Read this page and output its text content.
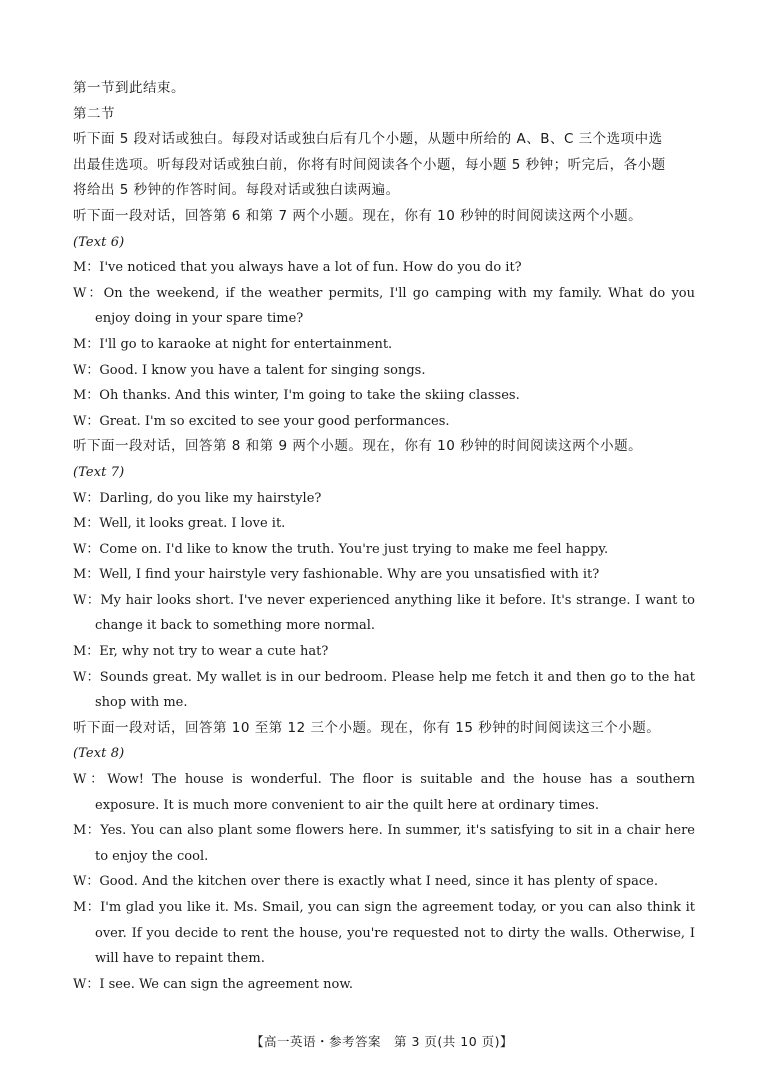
第一节到此结束。
第二节
听下面 5 段对话或独白。每段对话或独白后有几个小题，从题中所给的 A、B、C 三个选项中选
出最佳选项。听每段对话或独白前，你将有时间阅读各个小题，每小题 5 秒钟；听完后，各小题
将给出 5 秒钟的作答时间。每段对话或独白读两遍。
听下面一段对话，回答第 6 和第 7 两个小题。现在，你有 10 秒钟的时间阅读这两个小题。
(Text 6)
M：I've noticed that you always have a lot of fun. How do you do it?
W：On the weekend, if the weather permits, I'll go camping with my family. What do you enjoy doing in your spare time?
M：I'll go to karaoke at night for entertainment.
W：Good. I know you have a talent for singing songs.
M：Oh thanks. And this winter, I'm going to take the skiing classes.
W：Great. I'm so excited to see your good performances.
听下面一段对话，回答第 8 和第 9 两个小题。现在，你有 10 秒钟的时间阅读这两个小题。
(Text 7)
W：Darling, do you like my hairstyle?
M：Well, it looks great. I love it.
W：Come on. I'd like to know the truth. You're just trying to make me feel happy.
M：Well, I find your hairstyle very fashionable. Why are you unsatisfied with it?
W：My hair looks short. I've never experienced anything like it before. It's strange. I want to change it back to something more normal.
M：Er, why not try to wear a cute hat?
W：Sounds great. My wallet is in our bedroom. Please help me fetch it and then go to the hat shop with me.
听下面一段对话，回答第 10 至第 12 三个小题。现在，你有 15 秒钟的时间阅读这三个小题。
(Text 8)
W：Wow! The house is wonderful. The floor is suitable and the house has a southern exposure. It is much more convenient to air the quilt here at ordinary times.
M：Yes. You can also plant some flowers here. In summer, it's satisfying to sit in a chair here to enjoy the cool.
W：Good. And the kitchen over there is exactly what I need, since it has plenty of space.
M：I'm glad you like it. Ms. Smail, you can sign the agreement today, or you can also think it over. If you decide to rent the house, you're requested not to dirty the walls. Otherwise, I will have to repaint them.
W：I see. We can sign the agreement now.
【高一英语・参考答案　第 3 页(共 10 页)】
